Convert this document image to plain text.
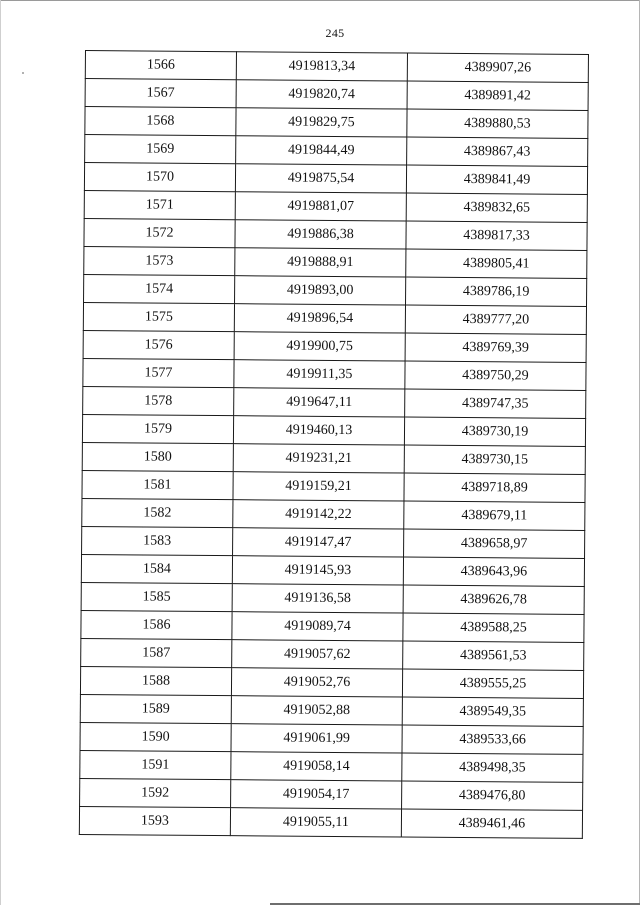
245
1566	4919813,34	4389907,26
1567	4919820,74	4389891,42
1568	4919829,75	4389880,53
1569	4919844,49	4389867,43
1570	4919875,54	4389841,49
1571	4919881,07	4389832,65
1572	4919886,38	4389817,33
1573	4919888,91	4389805,41
1574	4919893,00	4389786,19
1575	4919896,54	4389777,20
1576	4919900,75	4389769,39
1577	4919911,35	4389750,29
1578	4919647,11	4389747,35
1579	4919460,13	4389730,19
1580	4919231,21	4389730,15
1581	4919159,21	4389718,89
1582	4919142,22	4389679,11
1583	4919147,47	4389658,97
1584	4919145,93	4389643,96
1585	4919136,58	4389626,78
1586	4919089,74	4389588,25
1587	4919057,62	4389561,53
1588	4919052,76	4389555,25
1589	4919052,88	4389549,35
1590	4919061,99	4389533,66
1591	4919058,14	4389498,35
1592	4919054,17	4389476,80
1593	4919055,11	4389461,46
